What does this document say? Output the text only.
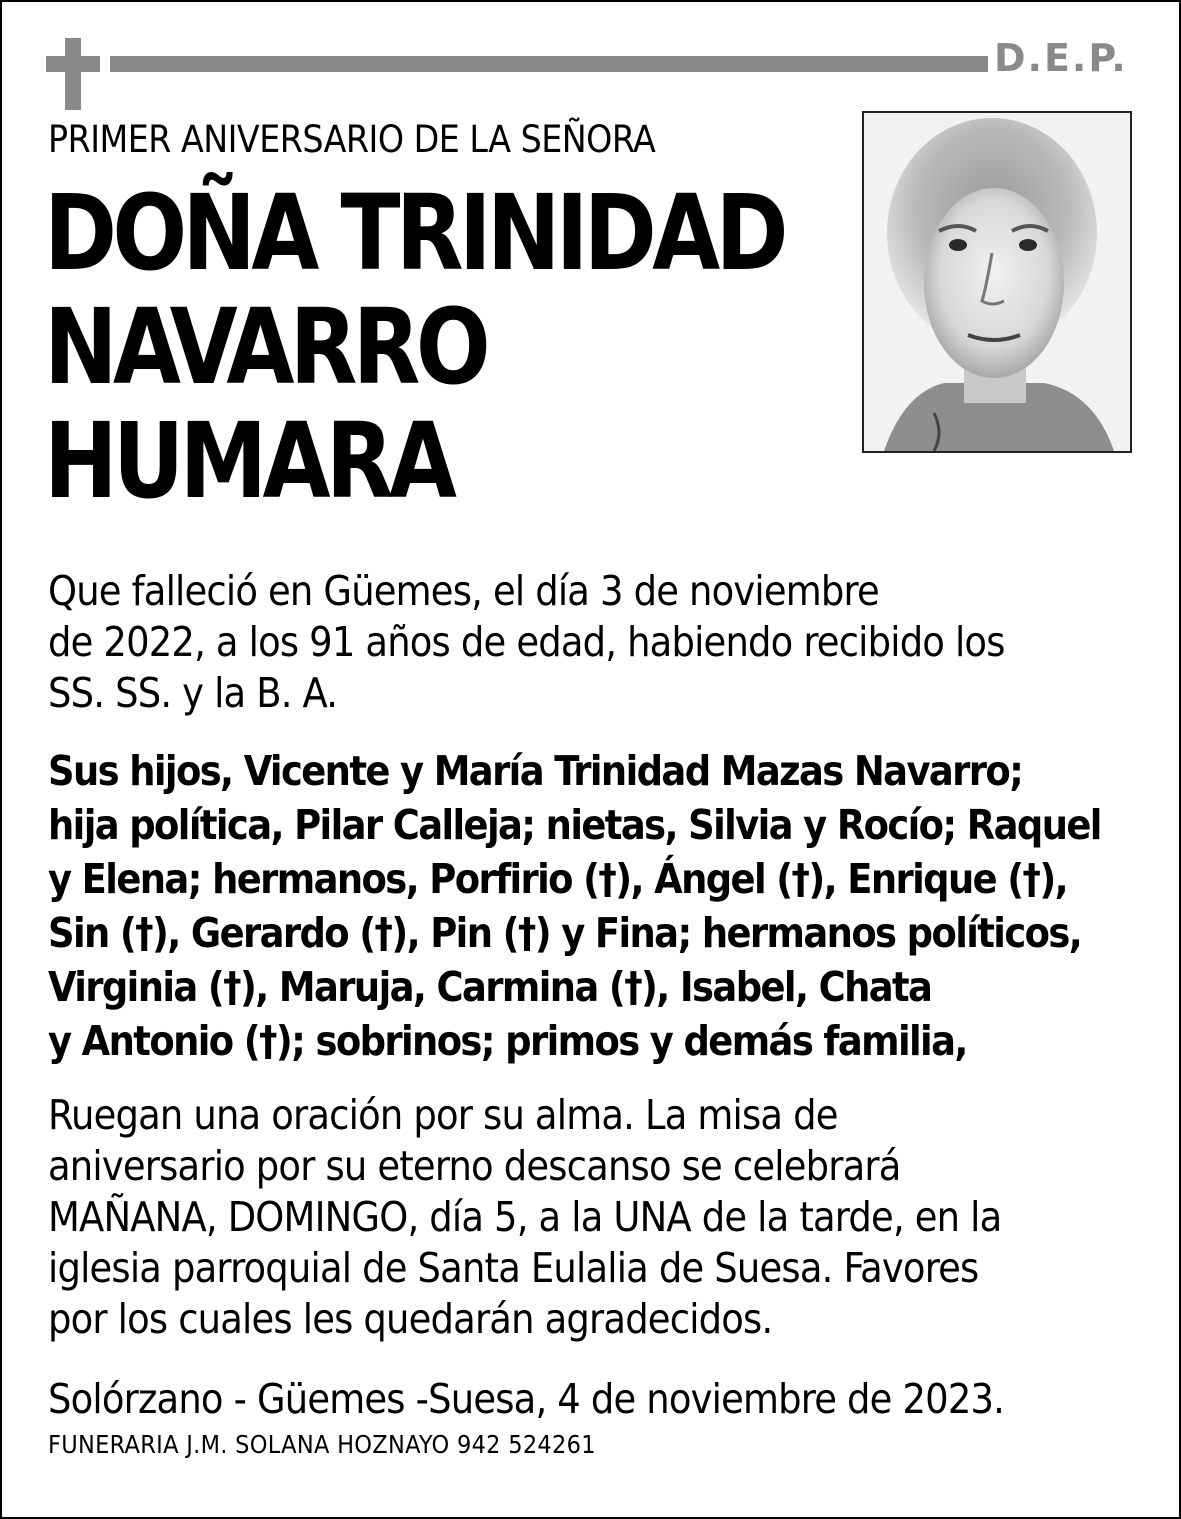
D.E.P.
PRIMER ANIVERSARIO DE LA SEÑORA
DOÑA TRINIDAD
NAVARRO
HUMARA
Que falleció en Güemes, el día 3 de noviembre
de 2022, a los 91 años de edad, habiendo recibido los
SS. SS. y la B. A.
Sus hijos, Vicente y María Trinidad Mazas Navarro;
hija política, Pilar Calleja; nietas, Silvia y Rocío; Raquel
y Elena; hermanos, Porfirio (†), Ángel (†), Enrique (†),
Sin (†), Gerardo (†), Pin (†) y Fina; hermanos políticos,
Virginia (†), Maruja, Carmina (†), Isabel, Chata
y Antonio (†); sobrinos; primos y demás familia,
Ruegan una oración por su alma. La misa de
aniversario por su eterno descanso se celebrará
MAÑANA, DOMINGO, día 5, a la UNA de la tarde, en la
iglesia parroquial de Santa Eulalia de Suesa. Favores
por los cuales les quedarán agradecidos.
Solórzano - Güemes -Suesa, 4 de noviembre de 2023.
FUNERARIA J.M. SOLANA HOZNAYO 942 524261
